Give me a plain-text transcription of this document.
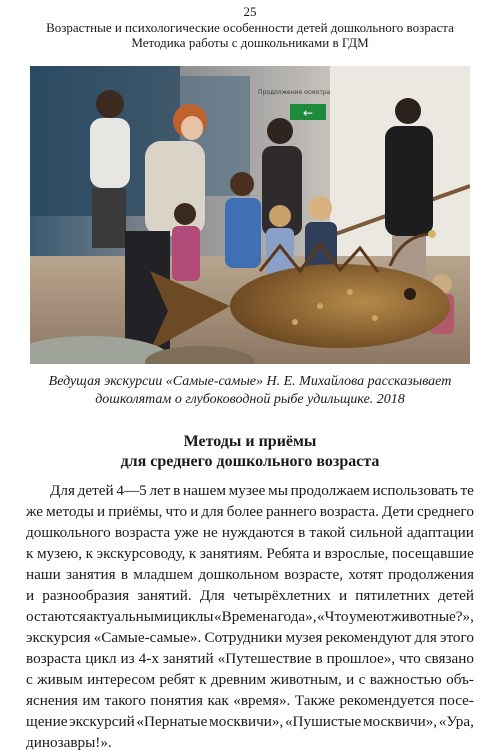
25
Возрастные и психологические особенности детей дошкольного возраста
Методика работы с дошкольниками в ГДМ
←
Продолжение осмотра
Ведущая экскурсии «Самые-самые» Н. Е. Михайлова рассказывает
дошколятам о глубоководной рыбе удильщике. 2018
Методы и приёмы
для среднего дошкольного возраста
Для детей 4—5 лет в нашем музее мы продолжаем использовать те
же методы и приёмы, что и для более раннего возраста. Дети среднего
дошкольного возраста уже не нуждаются в такой сильной адаптации
к музею, к экскурсоводу, к занятиям. Ребята и взрослые, посещавшие
наши занятия в младшем дошкольном возрасте, хотят продолжения
и разнообразия занятий. Для четырёхлетних и пятилетних детей
остаются актуальными циклы «Времена года», «Что умеют животные?»,
экскурсия «Самые-самые». Сотрудники музея рекомендуют для этого
возраста цикл из 4-х занятий «Путешествие в прошлое», что связано
с живым интересом ребят к древним животным, и с важностью объ-
яснения им такого понятия как «время». Также рекомендуется посе-
щение экскурсий «Пернатые москвичи», «Пушистые москвичи», «Ура,
динозавры!».
